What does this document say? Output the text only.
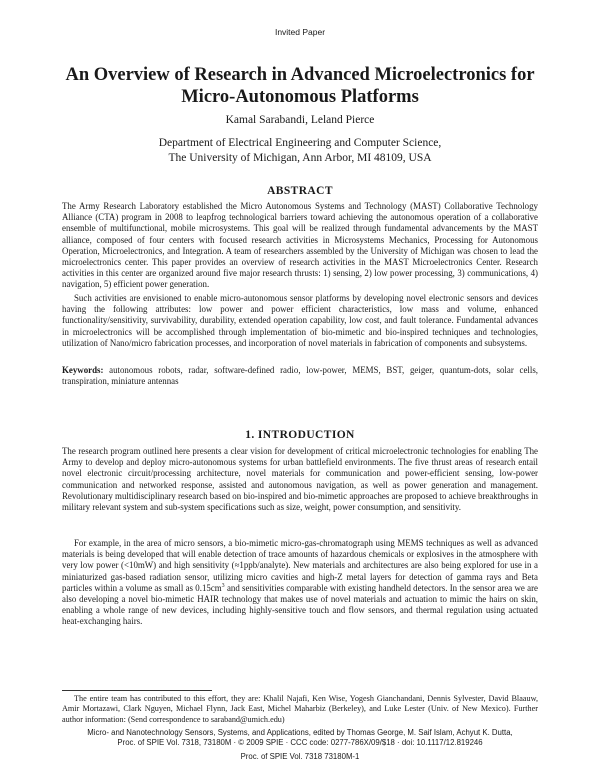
Invited Paper
An Overview of Research in Advanced Microelectronics for
Micro-Autonomous Platforms
Kamal Sarabandi, Leland Pierce
Department of Electrical Engineering and Computer Science,
The University of Michigan, Ann Arbor, MI 48109, USA
ABSTRACT

The Army Research Laboratory established the Micro Autonomous Systems and Technology (MAST) Collaborative Technology Alliance (CTA) program in 2008 to leapfrog technological barriers toward achieving the autonomous operation of a collaborative ensemble of multifunctional, mobile microsystems. This goal will be realized through fundamental advancements by the MAST alliance, composed of four centers with focused research activities in Microsystems Mechanics, Processing for Autonomous Operation, Microelectronics, and Integration. A team of researchers assembled by the University of Michigan was chosen to lead the microelectronics center. This paper provides an overview of research activities in the MAST Microelectronics Center. Research activities in this center are organized around five major research thrusts: 1) sensing, 2) low power processing, 3) communications, 4) navigation, 5) efficient power generation.

Such activities are envisioned to enable micro-autonomous sensor platforms by developing novel electronic sensors and devices having the following attributes: low power and power efficient characteristics, low mass and volume, enhanced functionality/sensitivity, survivability, durability, extended operation capability, low cost, and fault tolerance. Fundamental advances in microelectronics will be accomplished through implementation of bio-mimetic and bio-inspired techniques and technologies, utilization of Nano/micro fabrication processes, and incorporation of novel materials in fabrication of components and subsystems.

Keywords: autonomous robots, radar, software-defined radio, low-power, MEMS, BST, geiger, quantum-dots, solar cells, transpiration, miniature antennas

1. INTRODUCTION

The research program outlined here presents a clear vision for development of critical microelectronic technologies for enabling The Army to develop and deploy micro-autonomous systems for urban battlefield environments. The five thrust areas of research entail novel electronic circuit/processing architecture, novel materials for communication and power-efficient sensing, low-power communication and networked response, assisted and autonomous navigation, as well as power generation and management. Revolutionary multidisciplinary research based on bio-inspired and bio-mimetic approaches are proposed to achieve breakthroughs in military relevant system and sub-system specifications such as size, weight, power consumption, and sensitivity.

For example, in the area of micro sensors, a bio-mimetic micro-gas-chromatograph using MEMS techniques as well as advanced materials is being developed that will enable detection of trace amounts of hazardous chemicals or explosives in the atmosphere with very low power (<10mW) and high sensitivity (≈1ppb/analyte). New materials and architectures are also being explored for use in a miniaturized gas-based radiation sensor, utilizing micro cavities and high-Z metal layers for detection of gamma rays and Beta particles within a volume as small as $0.15cm^3$ and sensitivities comparable with existing handheld detectors. In the sensor area we are also developing a novel bio-mimetic HAIR technology that makes use of novel materials and actuation to mimic the hairs on skin, enabling a whole range of new devices, including highly-sensitive touch and flow sensors, and thermal regulation using actuated heat-exchanging hairs.

The entire team has contributed to this effort, they are: Khalil Najafi, Ken Wise, Yogesh Gianchandani, Dennis Sylvester, David Blaauw, Amir Mortazawi, Clark Nguyen, Michael Flynn, Jack East, Michel Maharbiz (Berkeley), and Luke Lester (Univ. of New Mexico). Further author information: (Send correspondence to saraband@umich.edu)

Micro- and Nanotechnology Sensors, Systems, and Applications, edited by Thomas George, M. Saif Islam, Achyut K. Dutta,
Proc. of SPIE Vol. 7318, 73180M · © 2009 SPIE · CCC code: 0277-786X/09/$18 · doi: 10.1117/12.819246
Proc. of SPIE Vol. 7318 73180M-1
